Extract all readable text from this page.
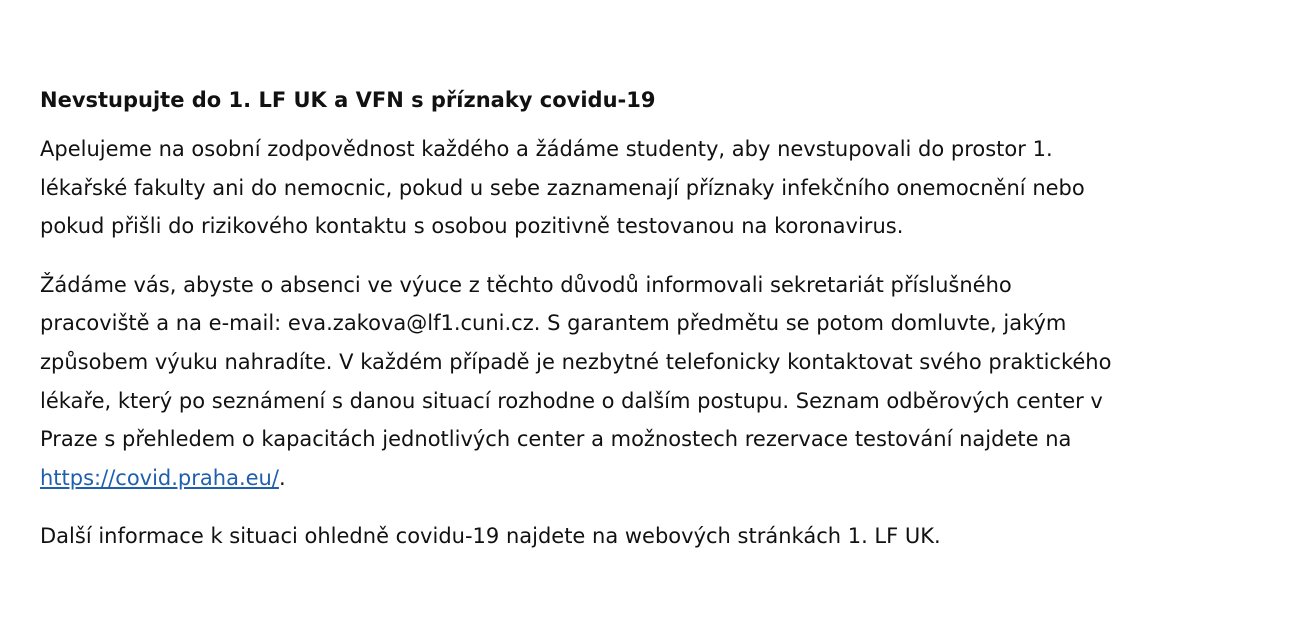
Nevstupujte do 1. LF UK a VFN s příznaky covidu-19

Apelujeme na osobní zodpovědnost každého a žádáme studenty, aby nevstupovali do prostor 1.
lékařské fakulty ani do nemocnic, pokud u sebe zaznamenají příznaky infekčního onemocnění nebo
pokud přišli do rizikového kontaktu s osobou pozitivně testovanou na koronavirus.

Žádáme vás, abyste o absenci ve výuce z těchto důvodů informovali sekretariát příslušného
pracoviště a na e-mail: eva.zakova@lf1.cuni.cz. S garantem předmětu se potom domluvte, jakým
způsobem výuku nahradíte. V každém případě je nezbytné telefonicky kontaktovat svého praktického
lékaře, který po seznámení s danou situací rozhodne o dalším postupu. Seznam odběrových center v
Praze s přehledem o kapacitách jednotlivých center a možnostech rezervace testování najdete na
https://covid.praha.eu/.

Další informace k situaci ohledně covidu-19 najdete na webových stránkách 1. LF UK.
